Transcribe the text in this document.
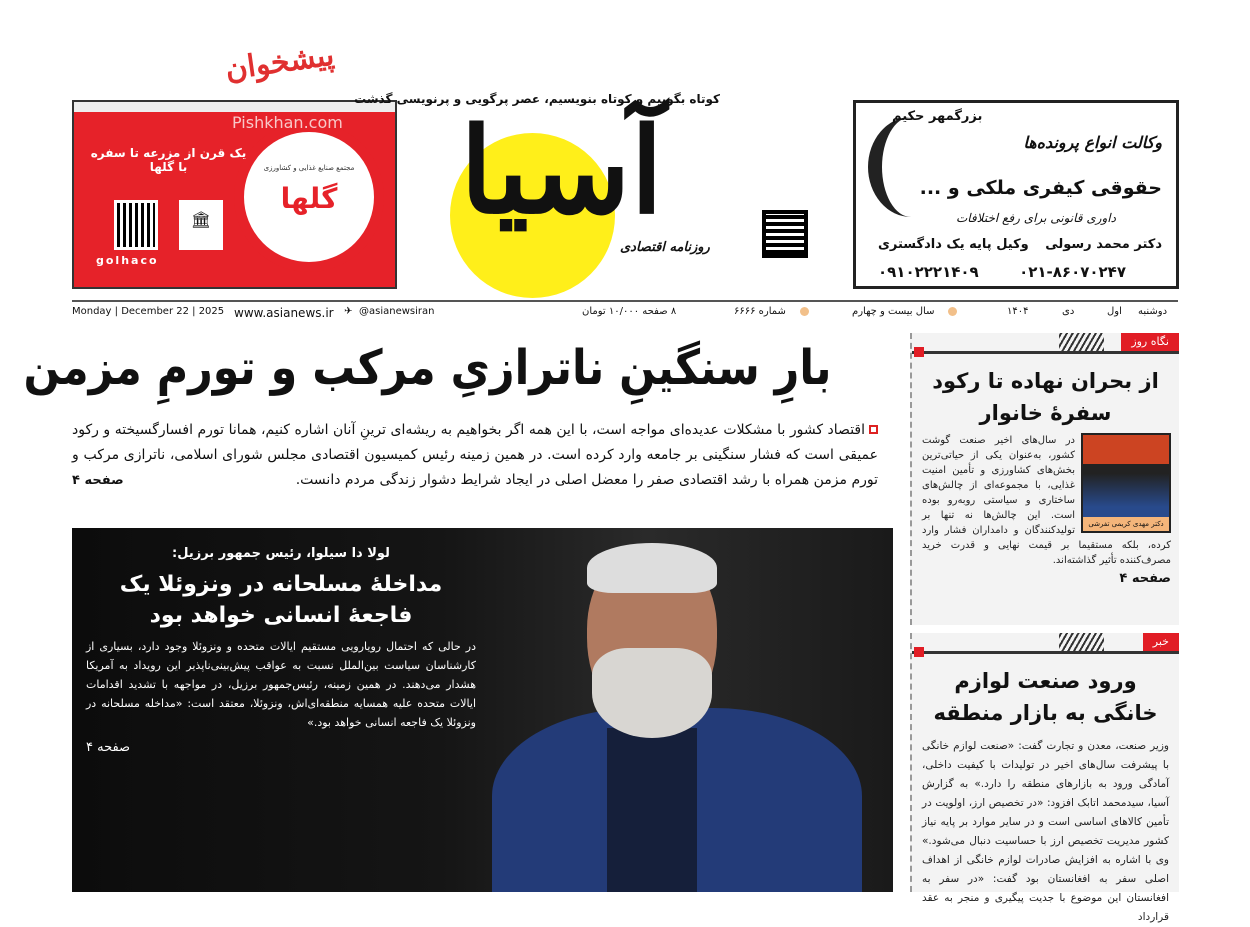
پیشخوان
یک قرن از مزرعه تا سفره با گلها	مجتمع صنایع غذایی و کشاورزی
گلها
🏛
golhaco
Pishkhan.com آسیا
کوتاه بگوییم و کوتاه بنویسیم، عصر پرگویی و پرنویسی گذشت
روزنامه اقتصادی
بزرگمهر حکیم
وکالت انواع پرونده‌ها
حقوقی کیفری ملکی و ...
داوری قانونی برای رفع اختلافات
دکتر محمد رسولی
وکیل پایه یک دادگستری
۰۲۱-۸۶۰۷۰۲۴۷
۰۹۱۰۲۲۲۱۴۰۹
Monday | December 22 | 2025 www.asianews.ir ✈ @asianewsiran	۸ صفحه ۱۰/۰۰۰ تومان	شماره ۶۶۶۶	سال بیست و چهارم	۱۴۰۴	دی	اول دوشنبه
بارِ سنگینِ ناترازیِ مرکب و تورمِ مزمن
اقتصاد کشور با مشکلات عدیده‌ای مواجه است، با این همه اگر بخواهیم به ریشه‌ای ترینِ آنان اشاره کنیم، همانا تورم افسارگسیخته و رکود عمیقی است که فشار سنگینی بر جامعه وارد کرده است. در همین زمینه رئیس کمیسیون اقتصادی مجلس شورای اسلامی، ناترازی مرکب و تورم مزمن همراه با رشد اقتصادی صفر را معضل اصلی در ایجاد شرایط دشوار زندگی مردم دانست.
صفحه ۴
لولا دا سیلوا، رئیس جمهور برزیل:
مداخلهٔ مسلحانه در ونزوئلا یک فاجعهٔ انسانی خواهد بود
در حالی که احتمال رویارویی مستقیم ایالات متحده و ونزوئلا وجود دارد، بسیاری از کارشناسان سیاست بین‌الملل نسبت به عواقب پیش‌بینی‌ناپذیر این رویداد به آمریکا هشدار می‌دهند. در همین زمینه، رئیس‌جمهور برزیل، در مواجهه با تشدید اقدامات ایالات متحده علیه همسایه منطقه‌ای‌اش، ونزوئلا، معتقد است: «مداخله مسلحانه در ونزوئلا یک فاجعه انسانی خواهد بود.»
صفحه ۴
نگاه روز
از بحران نهاده تا رکود سفرهٔ خانوار
دکتر مهدی کریمی تفرشی

در سال‌های اخیر صنعت گوشت کشور، به‌عنوان یکی از حیاتی‌ترین بخش‌های کشاورزی و تأمین امنیت غذایی، با مجموعه‌ای از چالش‌های ساختاری و سیاستی روبه‌رو بوده است. این چالش‌ها نه تنها بر تولیدکنندگان و دامداران فشار وارد کرده، بلکه مستقیما بر قیمت نهایی و قدرت خرید مصرف‌کننده تأثیر گذاشته‌اند.

صفحه ۴
خبر
ورود صنعت لوازم خانگی به بازار منطقه

وزیر صنعت، معدن و تجارت گفت: «صنعت لوازم خانگی با پیشرفت سال‌های اخیر در تولیدات با کیفیت داخلی، آمادگی ورود به بازارهای منطقه را دارد.» به گزارش آسیا، سیدمحمد اتابک افزود: «در تخصیص ارز، اولویت در تأمین کالاهای اساسی است و در سایر موارد بر پایه نیاز کشور مدیریت تخصیص ارز با حساسیت دنبال می‌شود.» وی با اشاره به افزایش صادرات لوازم خانگی از اهداف اصلی سفر به افغانستان بود گفت: «در سفر به افغانستان این موضوع با جدیت پیگیری و منجر به عقد قرارداد
